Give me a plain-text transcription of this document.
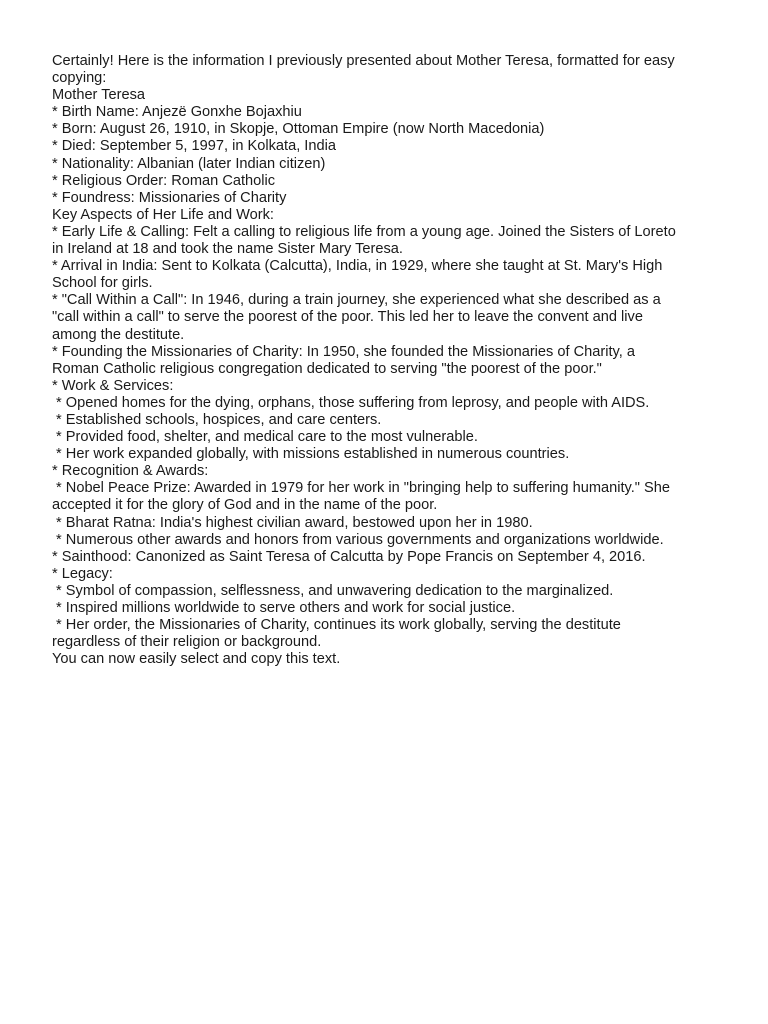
Certainly! Here is the information I previously presented about Mother Teresa, formatted for easy
copying:
Mother Teresa
* Birth Name: Anjezë Gonxhe Bojaxhiu
* Born: August 26, 1910, in Skopje, Ottoman Empire (now North Macedonia)
* Died: September 5, 1997, in Kolkata, India
* Nationality: Albanian (later Indian citizen)
* Religious Order: Roman Catholic
* Foundress: Missionaries of Charity
Key Aspects of Her Life and Work:
* Early Life & Calling: Felt a calling to religious life from a young age. Joined the Sisters of Loreto
in Ireland at 18 and took the name Sister Mary Teresa.
* Arrival in India: Sent to Kolkata (Calcutta), India, in 1929, where she taught at St. Mary's High
School for girls.
* "Call Within a Call": In 1946, during a train journey, she experienced what she described as a
"call within a call" to serve the poorest of the poor. This led her to leave the convent and live
among the destitute.
* Founding the Missionaries of Charity: In 1950, she founded the Missionaries of Charity, a
Roman Catholic religious congregation dedicated to serving "the poorest of the poor."
* Work & Services:
* Opened homes for the dying, orphans, those suffering from leprosy, and people with AIDS.
* Established schools, hospices, and care centers.
* Provided food, shelter, and medical care to the most vulnerable.
* Her work expanded globally, with missions established in numerous countries.
* Recognition & Awards:
* Nobel Peace Prize: Awarded in 1979 for her work in "bringing help to suffering humanity." She
accepted it for the glory of God and in the name of the poor.
* Bharat Ratna: India's highest civilian award, bestowed upon her in 1980.
* Numerous other awards and honors from various governments and organizations worldwide.
* Sainthood: Canonized as Saint Teresa of Calcutta by Pope Francis on September 4, 2016.
* Legacy:
* Symbol of compassion, selflessness, and unwavering dedication to the marginalized.
* Inspired millions worldwide to serve others and work for social justice.
* Her order, the Missionaries of Charity, continues its work globally, serving the destitute
regardless of their religion or background.
You can now easily select and copy this text.
